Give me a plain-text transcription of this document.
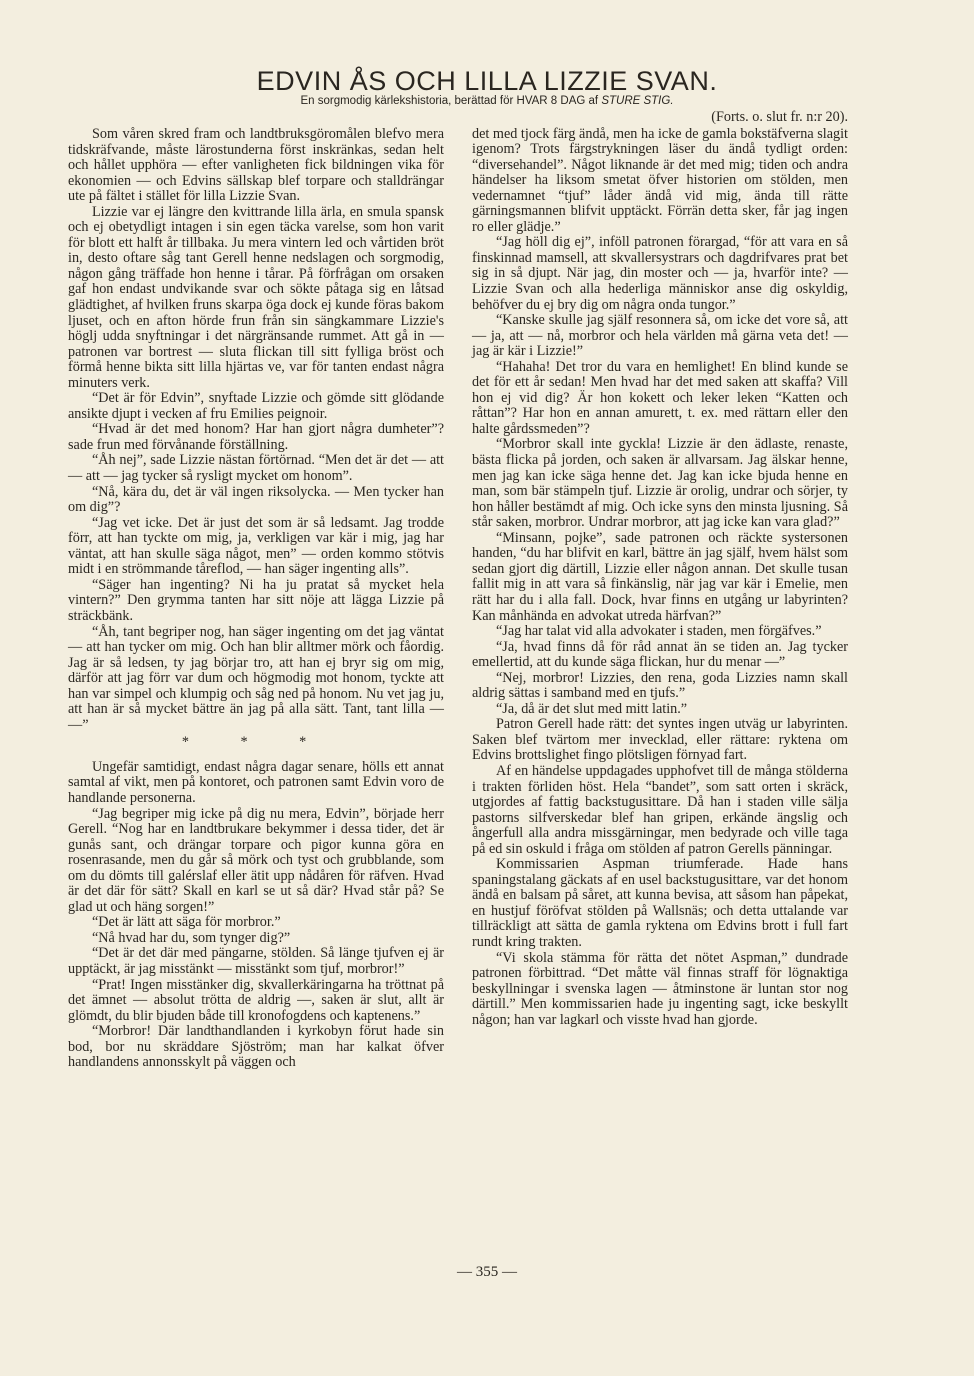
EDVIN ÅS OCH LILLA LIZZIE SVAN.
En sorgmodig kärlekshistoria, berättad för HVAR 8 DAG af STURE STIG.

Som våren skred fram och landtbruksgöromålen blefvo mera tidskräfvande, måste lärostunderna först inskränkas, sedan helt och hållet upphöra — efter vanligheten fick bildningen vika för ekonomien — och Edvins sällskap blef torpare och stalldrängar ute på fältet i stället för lilla Lizzie Svan.

Lizzie var ej längre den kvittrande lilla ärla, en smula spansk och ej obetydligt intagen i sin egen täcka varelse, som hon varit för blott ett halft år tillbaka. Ju mera vintern led och vårtiden bröt in, desto oftare såg tant Gerell henne nedslagen och sorgmodig, någon gång träffade hon henne i tårar. På förfrågan om orsaken gaf hon endast undvikande svar och sökte påtaga sig en låtsad glädtighet, af hvilken fruns skarpa öga dock ej kunde föras bakom ljuset, och en afton hörde frun från sin sängkammare Lizzie's höglj udda snyftningar i det närgränsande rummet. Att gå in — patronen var bortrest — sluta flickan till sitt fylliga bröst och förmå henne bikta sitt lilla hjärtas ve, var för tanten endast några minuters verk.

“Det är för Edvin”, snyftade Lizzie och gömde sitt glödande ansikte djupt i vecken af fru Emilies peignoir.

“Hvad är det med honom? Har han gjort några dumheter”? sade frun med förvånande förställning.

“Åh nej”, sade Lizzie nästan förtörnad. “Men det är det — att — att — jag tycker så rysligt mycket om honom”.

“Nå, kära du, det är väl ingen riksolycka. — Men tycker han om dig”?

“Jag vet icke. Det är just det som är så ledsamt. Jag trodde förr, att han tyckte om mig, ja, verkligen var kär i mig, jag har väntat, att han skulle säga något, men” — orden kommo stötvis midt i en strömmande tåreflod, — han säger ingenting alls”.

“Säger han ingenting? Ni ha ju pratat så mycket hela vintern?” Den grymma tanten har sitt nöje att lägga Lizzie på sträckbänk.

“Åh, tant begriper nog, han säger ingenting om det jag väntat — att han tycker om mig. Och han blir alltmer mörk och fåordig. Jag är så ledsen, ty jag börjar tro, att han ej bryr sig om mig, därför att jag förr var dum och högmodig mot honom, tyckte att han var simpel och klumpig och såg ned på honom. Nu vet jag ju, att han är så mycket bättre än jag på alla sätt. Tant, tant lilla — —”

* * *

Ungefär samtidigt, endast några dagar senare, hölls ett annat samtal af vikt, men på kontoret, och patronen samt Edvin voro de handlande personerna.

“Jag begriper mig icke på dig nu mera, Edvin”, började herr Gerell. “Nog har en landtbrukare bekymmer i dessa tider, det är gunås sant, och drängar torpare och pigor kunna göra en rosenrasande, men du går så mörk och tyst och grubblande, som om du dömts till galérslaf eller ätit upp nådåren för räfven. Hvad är det där för sätt? Skall en karl se ut så där? Hvad står på? Se glad ut och häng sorgen!”

“Det är lätt att säga för morbror.”

“Nå hvad har du, som tynger dig?”

“Det är det där med pängarne, stölden. Så länge tjufven ej är upptäckt, är jag misstänkt — misstänkt som tjuf, morbror!”

“Prat! Ingen misstänker dig, skvallerkäringarna ha tröttnat på det ämnet — absolut trötta de aldrig —, saken är slut, allt är glömdt, du blir bjuden både till kronofogdens och kaptenens.”

“Morbror! Där landthandlanden i kyrkobyn förut hade sin bod, bor nu skräddare Sjöström; man har kalkat öfver handlandens annonsskylt på väggen och

(Forts. o. slut fr. n:r 20).

det med tjock färg ändå, men ha icke de gamla bokstäfverna slagit igenom? Trots färgstrykningen läser du ändå tydligt orden: “diversehandel”. Något liknande är det med mig; tiden och andra händelser ha liksom smetat öfver historien om stölden, men vedernamnet “tjuf” låder ändå vid mig, ända till rätte gärningsmannen blifvit upptäckt. Förrän detta sker, får jag ingen ro eller glädje.”

“Jag höll dig ej”, inföll patronen förargad, “för att vara en så finskinnad mamsell, att skvallersystrars och dagdrifvares prat bet sig in så djupt. När jag, din moster och — ja, hvarför inte? — Lizzie Svan och alla hederliga människor anse dig oskyldig, behöfver du ej bry dig om några onda tungor.”

“Kanske skulle jag själf resonnera så, om icke det vore så, att — ja, att — nå, morbror och hela världen må gärna veta det! — jag är kär i Lizzie!”

“Hahaha! Det tror du vara en hemlighet! En blind kunde se det för ett år sedan! Men hvad har det med saken att skaffa? Vill hon ej vid dig? Är hon kokett och leker leken “Katten och råttan”? Har hon en annan amurett, t. ex. med rättarn eller den halte gårdssmeden”?

“Morbror skall inte gyckla! Lizzie är den ädlaste, renaste, bästa flicka på jorden, och saken är allvarsam. Jag älskar henne, men jag kan icke säga henne det. Jag kan icke bjuda henne en man, som bär stämpeln tjuf. Lizzie är orolig, undrar och sörjer, ty hon håller bestämdt af mig. Och icke syns den minsta ljusning. Så står saken, morbror. Undrar morbror, att jag icke kan vara glad?”

“Minsann, pojke”, sade patronen och räckte systersonen handen, “du har blifvit en karl, bättre än jag själf, hvem hälst som sedan gjort dig därtill, Lizzie eller någon annan. Det skulle tusan fallit mig in att vara så finkänslig, när jag var kär i Emelie, men rätt har du i alla fall. Dock, hvar finns en utgång ur labyrinten? Kan månhända en advokat utreda härfvan?”

“Jag har talat vid alla advokater i staden, men förgäfves.”

“Ja, hvad finns då för råd annat än se tiden an. Jag tycker emellertid, att du kunde säga flickan, hur du menar —”

“Nej, morbror! Lizzies, den rena, goda Lizzies namn skall aldrig sättas i samband med en tjufs.”

“Ja, då är det slut med mitt latin.”

Patron Gerell hade rätt: det syntes ingen utväg ur labyrinten. Saken blef tvärtom mer invecklad, eller rättare: ryktena om Edvins brottslighet fingo plötsligen förnyad fart.

Af en händelse uppdagades upphofvet till de många stölderna i trakten förliden höst. Hela “bandet”, som satt orten i skräck, utgjordes af fattig backstugusittare. Då han i staden ville sälja pastorns silfverskedar blef han gripen, erkände ängslig och ångerfull alla andra missgärningar, men bedyrade och ville taga på ed sin oskuld i fråga om stölden af patron Gerells pänningar.

Kommissarien Aspman triumferade. Hade hans spaningstalang gäckats af en usel backstugusittare, var det honom ändå en balsam på såret, att kunna bevisa, att såsom han påpekat, en hustjuf föröfvat stölden på Wallsnäs; och detta uttalande var tillräckligt att sätta de gamla ryktena om Edvins brott i full fart rundt kring trakten.

“Vi skola stämma för rätta det nötet Aspman,” dundrade patronen förbittrad. “Det måtte väl finnas straff för lögnaktiga beskyllningar i svenska lagen — åtminstone är luntan stor nog därtill.” Men kommissarien hade ju ingenting sagt, icke beskyllt någon; han var lagkarl och visste hvad han gjorde.

— 355 —
